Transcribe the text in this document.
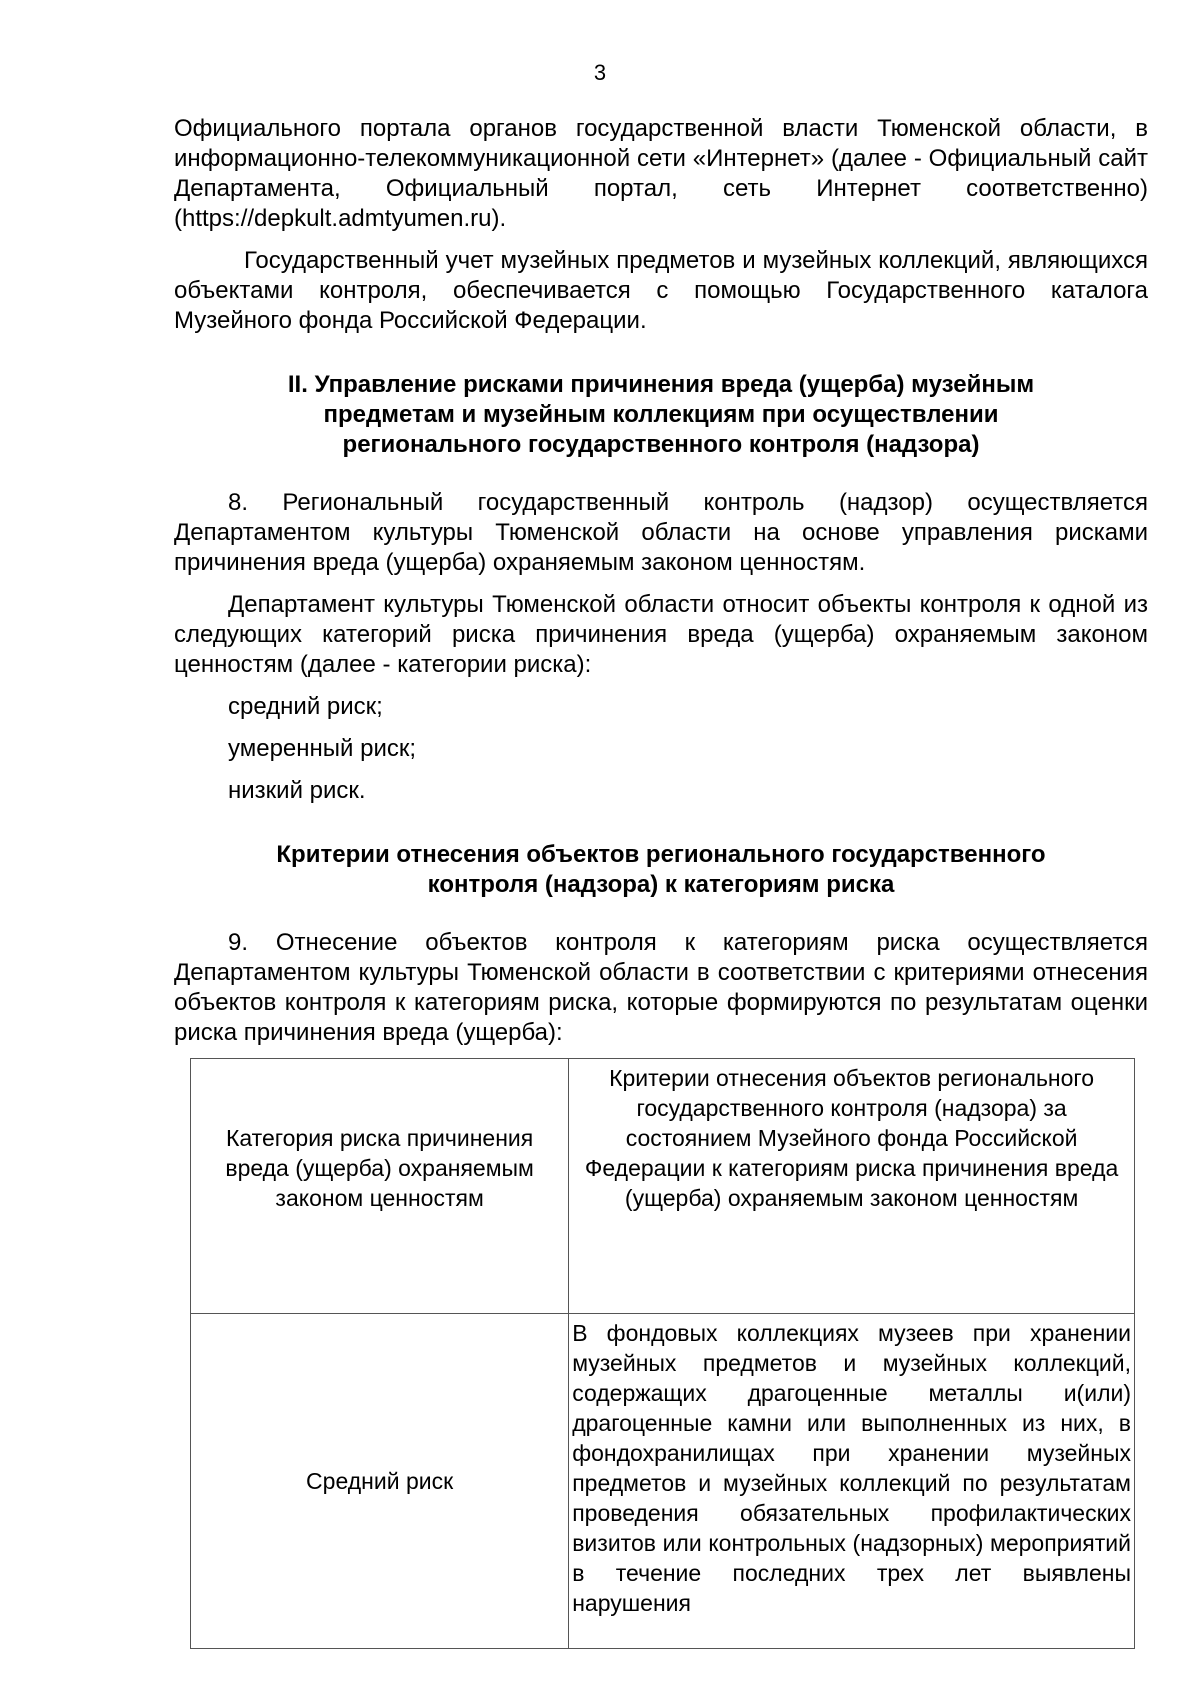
3

Официального портала органов государственной власти Тюменской области, в информационно-телекоммуникационной сети «Интернет» (далее - Официальный сайт Департамента, Официальный портал, сеть Интернет соответственно) (https://depkult.admtyumen.ru).

Государственный учет музейных предметов и музейных коллекций, являющихся объектами контроля, обеспечивается с помощью Государственного каталога Музейного фонда Российской Федерации.

II. Управление рисками причинения вреда (ущерба) музейным предметам и музейным коллекциям при осуществлении регионального государственного контроля (надзора)

8. Региональный государственный контроль (надзор) осуществляется Департаментом культуры Тюменской области на основе управления рисками причинения вреда (ущерба) охраняемым законом ценностям.

Департамент культуры Тюменской области относит объекты контроля к одной из следующих категорий риска причинения вреда (ущерба) охраняемым законом ценностям (далее - категории риска):

средний риск;
умеренный риск;
низкий риск.
Критерии отнесения объектов регионального государственного контроля (надзора) к категориям риска

9. Отнесение объектов контроля к категориям риска осуществляется Департаментом культуры Тюменской области в соответствии с критериями отнесения объектов контроля к категориям риска, которые формируются по результатам оценки риска причинения вреда (ущерба):

Категория риска причинения вреда (ущерба) охраняемым законом ценностям	Критерии отнесения объектов регионального государственного контроля (надзора) за состоянием Музейного фонда Российской Федерации к категориям риска причинения вреда (ущерба) охраняемым законом ценностям
Средний риск	В фондовых коллекциях музеев при хранении музейных предметов и музейных коллекций, содержащих драгоценные металлы и(или) драгоценные камни или выполненных из них, в фондохранилищах при хранении музейных предметов и музейных коллекций по результатам проведения обязательных профилактических визитов или контрольных (надзорных) мероприятий в течение последних трех лет выявлены нарушения
